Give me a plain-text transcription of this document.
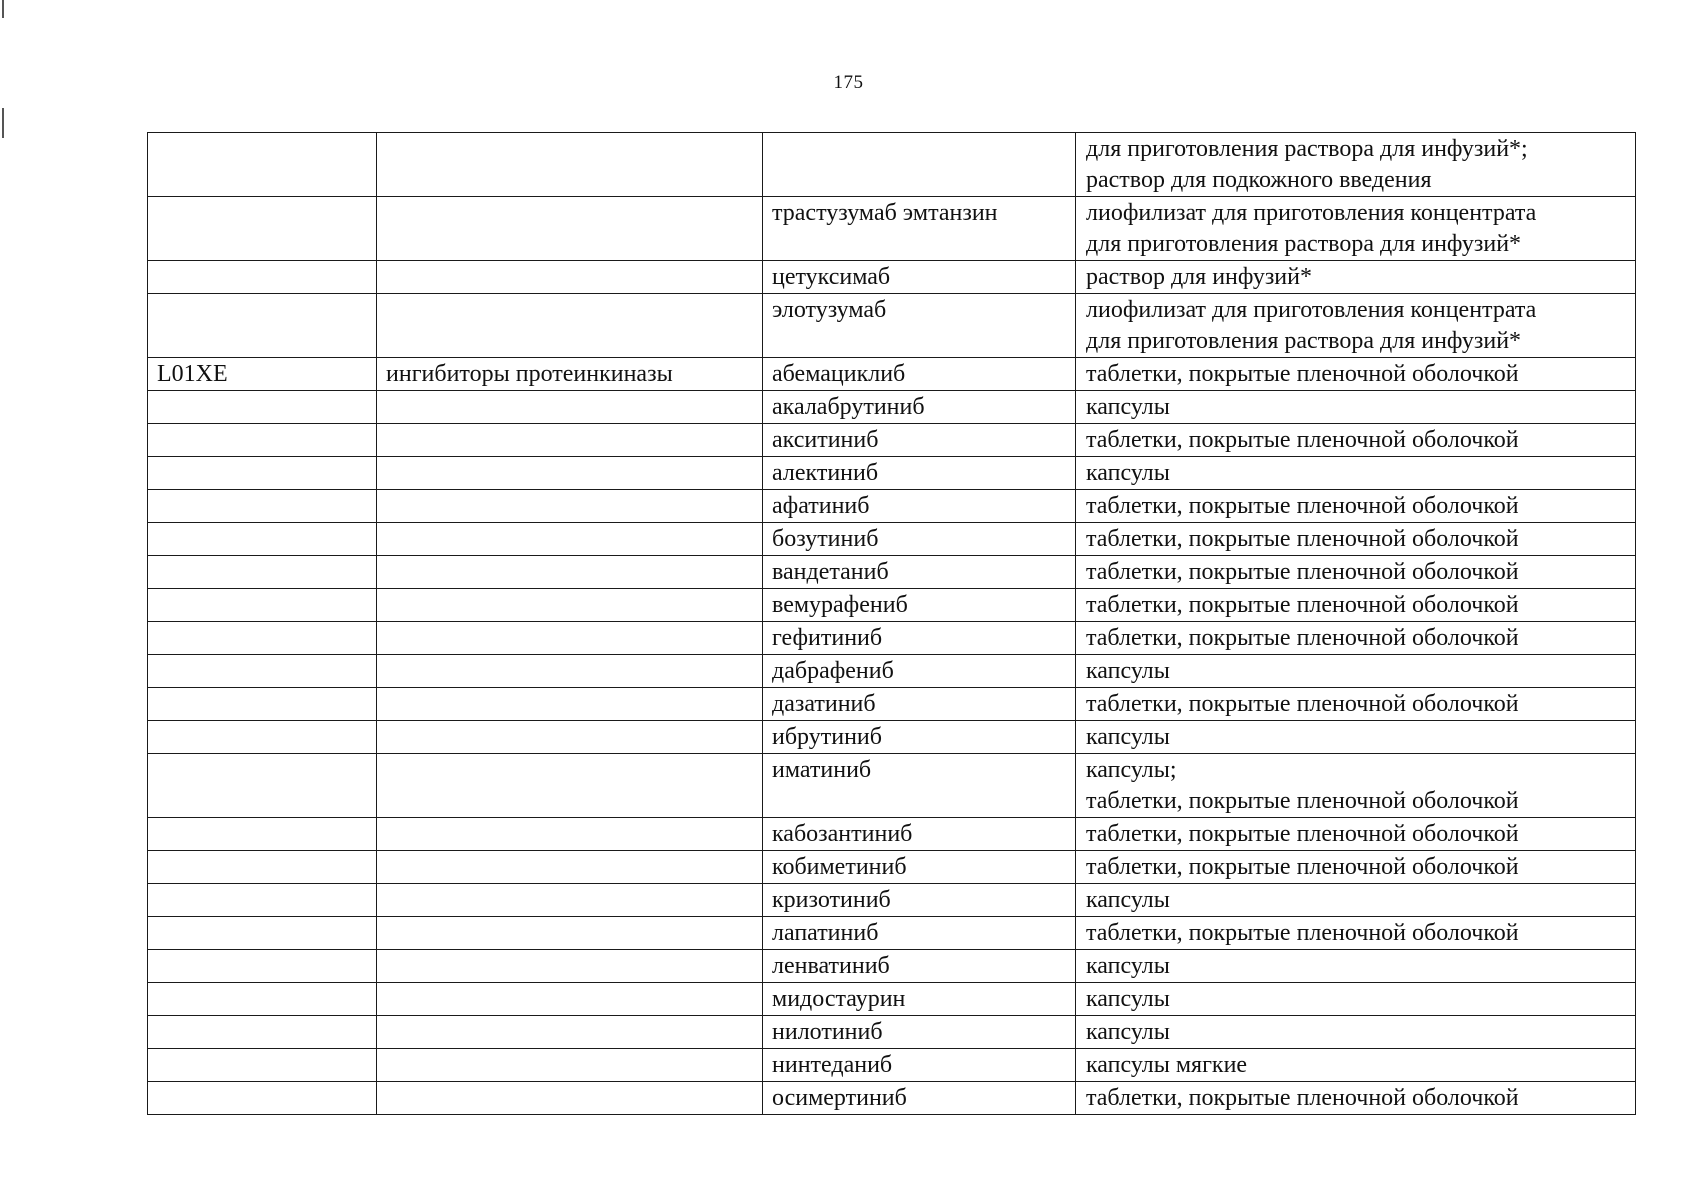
175

			для приготовления раствора для инфузий*;
раствор для подкожного введения

		трастузумаб эмтанзин	лиофилизат для приготовления концентрата
для приготовления раствора для инфузий*

		цетуксимаб	раствор для инфузий*

		элотузумаб	лиофилизат для приготовления концентрата
для приготовления раствора для инфузий*

L01XE	ингибиторы протеинкиназы	абемациклиб	таблетки, покрытые пленочной оболочкой

		акалабрутиниб	капсулы

		акситиниб	таблетки, покрытые пленочной оболочкой

		алектиниб	капсулы

		афатиниб	таблетки, покрытые пленочной оболочкой

		бозутиниб	таблетки, покрытые пленочной оболочкой

		вандетаниб	таблетки, покрытые пленочной оболочкой

		вемурафениб	таблетки, покрытые пленочной оболочкой

		гефитиниб	таблетки, покрытые пленочной оболочкой

		дабрафениб	капсулы

		дазатиниб	таблетки, покрытые пленочной оболочкой

		ибрутиниб	капсулы

		иматиниб	капсулы;
таблетки, покрытые пленочной оболочкой

		кабозантиниб	таблетки, покрытые пленочной оболочкой

		кобиметиниб	таблетки, покрытые пленочной оболочкой

		кризотиниб	капсулы

		лапатиниб	таблетки, покрытые пленочной оболочкой

		ленватиниб	капсулы

		мидостаурин	капсулы

		нилотиниб	капсулы

		нинтеданиб	капсулы мягкие

		осимертиниб	таблетки, покрытые пленочной оболочкой
